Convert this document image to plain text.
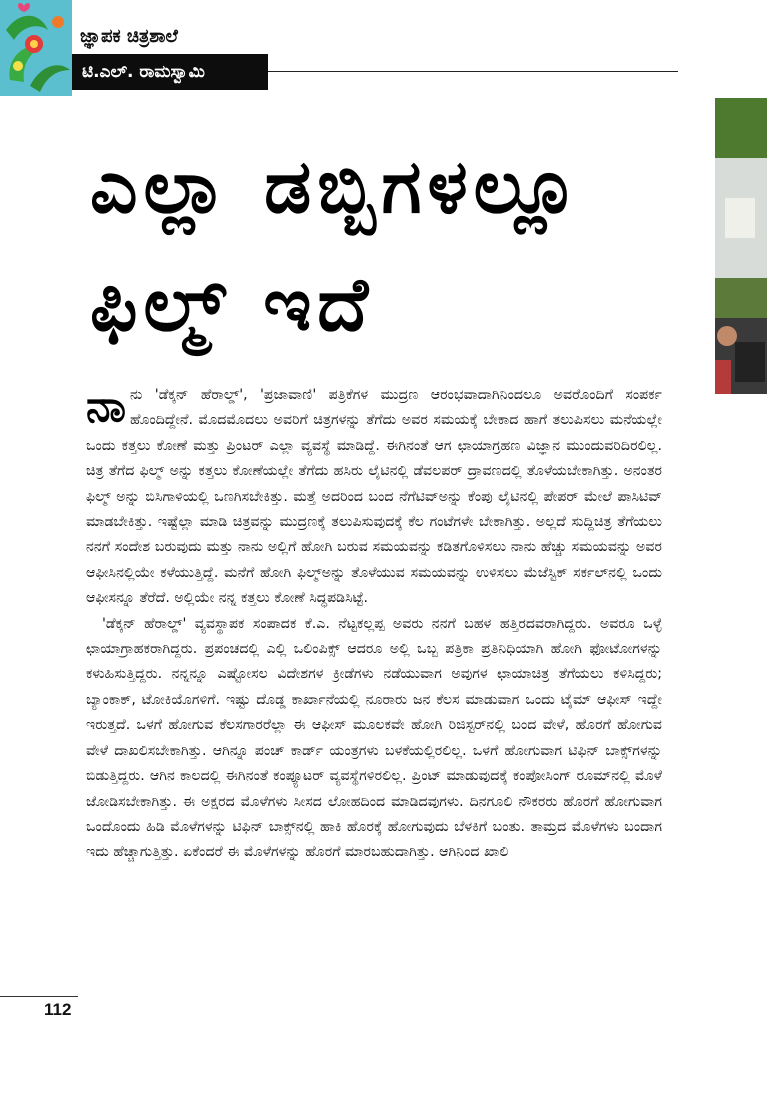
ಜ್ಞಾಪಕ ಚಿತ್ರಶಾಲೆ
ಟಿ.ಎಲ್. ರಾಮಸ್ವಾಮಿ
ಎಲ್ಲಾ ಡಬ್ಬಿಗಳಲ್ಲೂ
ಫಿಲ್ಮ್ ಇದೆ

ನಾನು 'ಡೆಕ್ಕನ್ ಹೆರಾಲ್ಡ್', 'ಪ್ರಜಾವಾಣಿ' ಪತ್ರಿಕೆಗಳ ಮುದ್ರಣ ಆರಂಭವಾದಾಗಿನಿಂದಲೂ ಅವರೊಂದಿಗೆ ಸಂಪರ್ಕ ಹೊಂದಿದ್ದೇನೆ. ಮೊದಮೊದಲು ಅವರಿಗೆ ಚಿತ್ರಗಳನ್ನು ತೆಗೆದು ಅವರ ಸಮಯಕ್ಕೆ ಬೇಕಾದ ಹಾಗೆ ತಲುಪಿಸಲು ಮನೆಯಲ್ಲೇ ಒಂದು ಕತ್ತಲು ಕೋಣೆ ಮತ್ತು ಪ್ರಿಂಟರ್ ಎಲ್ಲಾ ವ್ಯವಸ್ಥೆ ಮಾಡಿದ್ದೆ. ಈಗಿನಂತೆ ಆಗ ಛಾಯಾಗ್ರಹಣ ವಿಜ್ಞಾನ ಮುಂದುವರಿದಿರಲಿಲ್ಲ. ಚಿತ್ರ ತೆಗೆದ ಫಿಲ್ಮ್ ಅನ್ನು ಕತ್ತಲು ಕೋಣೆಯಲ್ಲೇ ತೆಗೆದು ಹಸಿರು ಲೈಟಿನಲ್ಲಿ ಡೆವಲಪರ್ ದ್ರಾವಣದಲ್ಲಿ ತೊಳೆಯಬೇಕಾಗಿತ್ತು. ಅನಂತರ ಫಿಲ್ಮ್ ಅನ್ನು ಬಿಸಿಗಾಳಿಯಲ್ಲಿ ಒಣಗಿಸಬೇಕಿತ್ತು. ಮತ್ತೆ ಅದರಿಂದ ಬಂದ ನೆಗೆಟಿವ್‌ಅನ್ನು ಕೆಂಪು ಲೈಟಿನಲ್ಲಿ ಪೇಪರ್ ಮೇಲೆ ಪಾಸಿಟಿವ್ ಮಾಡಬೇಕಿತ್ತು. ಇಷ್ಟೆಲ್ಲಾ ಮಾಡಿ ಚಿತ್ರವನ್ನು ಮುದ್ರಣಕ್ಕೆ ತಲುಪಿಸುವುದಕ್ಕೆ ಕೆಲ ಗಂಟೆಗಳೇ ಬೇಕಾಗಿತ್ತು. ಅಲ್ಲದೆ ಸುದ್ದಿಚಿತ್ರ ತೆಗೆಯಲು ನನಗೆ ಸಂದೇಶ ಬರುವುದು ಮತ್ತು ನಾನು ಅಲ್ಲಿಗೆ ಹೋಗಿ ಬರುವ ಸಮಯವನ್ನು ಕಡಿತಗೊಳಿಸಲು ನಾನು ಹೆಚ್ಚು ಸಮಯವನ್ನು ಅವರ ಆಫೀಸಿನಲ್ಲಿಯೇ ಕಳೆಯುತ್ತಿದ್ದೆ. ಮನೆಗೆ ಹೋಗಿ ಫಿಲ್ಮ್‌ಅನ್ನು ತೊಳೆಯುವ ಸಮಯವನ್ನು ಉಳಿಸಲು ಮೆಜೆಸ್ಟಿಕ್ ಸರ್ಕಲ್‌ನಲ್ಲಿ ಒಂದು ಆಫೀಸನ್ನೂ ತೆರೆದೆ. ಅಲ್ಲಿಯೇ ನನ್ನ ಕತ್ತಲು ಕೋಣೆ ಸಿದ್ಧಪಡಿಸಿಟ್ಟೆ.

'ಡೆಕ್ಕನ್ ಹೆರಾಲ್ಡ್' ವ್ಯವಸ್ಥಾಪಕ ಸಂಪಾದಕ ಕೆ.ಎ. ನೆಟ್ಟಕಲ್ಲಪ್ಪ ಅವರು ನನಗೆ ಬಹಳ ಹತ್ತಿರದವರಾಗಿದ್ದರು. ಅವರೂ ಒಳ್ಳೆ ಛಾಯಾಗ್ರಾಹಕರಾಗಿದ್ದರು. ಪ್ರಪಂಚದಲ್ಲಿ ಎಲ್ಲಿ ಒಲಿಂಪಿಕ್ಸ್ ಆದರೂ ಅಲ್ಲಿ ಒಬ್ಬ ಪತ್ರಿಕಾ ಪ್ರತಿನಿಧಿಯಾಗಿ ಹೋಗಿ ಫೋಟೋಗಳನ್ನು ಕಳುಹಿಸುತ್ತಿದ್ದರು. ನನ್ನನ್ನೂ ಎಷ್ಟೋಸಲ ವಿದೇಶಗಳ ಕ್ರೀಡೆಗಳು ನಡೆಯುವಾಗ ಅವುಗಳ ಛಾಯಾಚಿತ್ರ ತೆಗೆಯಲು ಕಳಿಸಿದ್ದರು; ಬ್ಯಾಂಕಾಕ್, ಟೋಕಿಯೊಗಳಿಗೆ. ಇಷ್ಟು ದೊಡ್ಡ ಕಾರ್ಖಾನೆಯಲ್ಲಿ ನೂರಾರು ಜನ ಕೆಲಸ ಮಾಡುವಾಗ ಒಂದು ಟೈಮ್ ಆಫೀಸ್ ಇದ್ದೇ ಇರುತ್ತದೆ. ಒಳಗೆ ಹೋಗುವ ಕೆಲಸಗಾರರೆಲ್ಲಾ ಈ ಆಫೀಸ್ ಮೂಲಕವೇ ಹೋಗಿ ರಿಜಿಸ್ಟರ್‌ನಲ್ಲಿ ಬಂದ ವೇಳೆ, ಹೊರಗೆ ಹೋಗುವ ವೇಳೆ ದಾಖಲಿಸಬೇಕಾಗಿತ್ತು. ಆಗಿನ್ನೂ ಪಂಚ್ ಕಾರ್ಡ್ ಯಂತ್ರಗಳು ಬಳಕೆಯಲ್ಲಿರಲಿಲ್ಲ. ಒಳಗೆ ಹೋಗುವಾಗ ಟಿಫಿನ್ ಬಾಕ್ಸ್‌ಗಳನ್ನು ಬಿಡುತ್ತಿದ್ದರು. ಆಗಿನ ಕಾಲದಲ್ಲಿ ಈಗಿನಂತೆ ಕಂಪ್ಯೂಟರ್ ವ್ಯವಸ್ಥೆಗಳಿರಲಿಲ್ಲ. ಪ್ರಿಂಟ್ ಮಾಡುವುದಕ್ಕೆ ಕಂಪೋಸಿಂಗ್ ರೂಮ್‌ನಲ್ಲಿ ಮೊಳೆ ಜೋಡಿಸಬೇಕಾಗಿತ್ತು. ಈ ಅಕ್ಷರದ ಮೊಳೆಗಳು ಸೀಸದ ಲೋಹದಿಂದ ಮಾಡಿದವುಗಳು. ದಿನಗೂಲಿ ನೌಕರರು ಹೊರಗೆ ಹೋಗುವಾಗ ಒಂದೊಂದು ಹಿಡಿ ಮೊಳೆಗಳನ್ನು ಟಿಫಿನ್ ಬಾಕ್ಸ್‌ನಲ್ಲಿ ಹಾಕಿ ಹೊರಕ್ಕೆ ಹೋಗುವುದು ಬೆಳಕಿಗೆ ಬಂತು. ತಾಮ್ರದ ಮೊಳೆಗಳು ಬಂದಾಗ ಇದು ಹೆಚ್ಚಾಗುತ್ತಿತ್ತು. ಏಕೆಂದರೆ ಈ ಮೊಳೆಗಳನ್ನು ಹೊರಗೆ ಮಾರಬಹುದಾಗಿತ್ತು. ಆಗಿನಿಂದ ಖಾಲಿ

112
